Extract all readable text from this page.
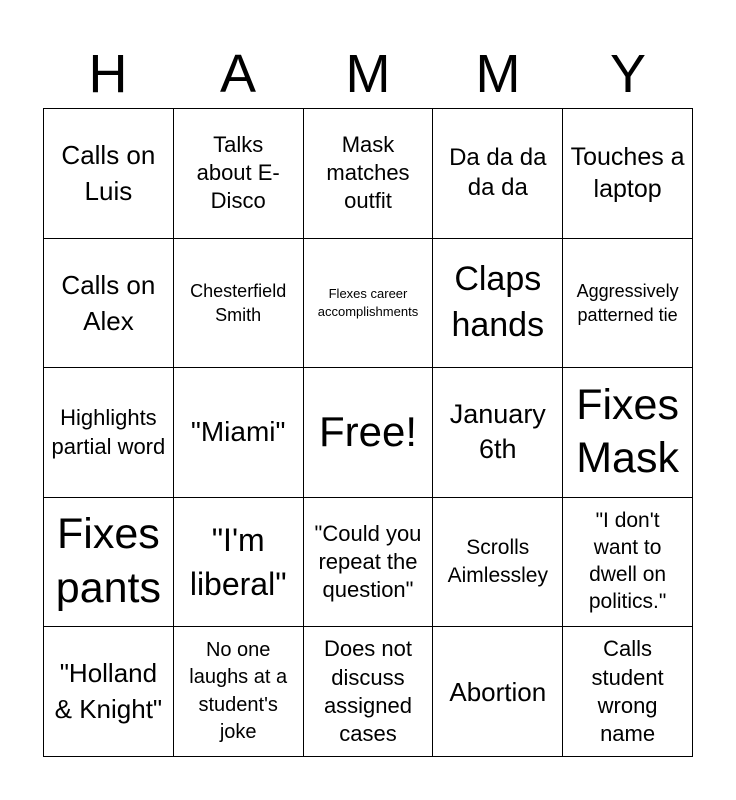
H	A	M	M	Y
Calls on Luis
Talks about E-Disco
Mask matches outfit
Da da da da da
Touches a laptop
Calls on Alex
Chesterfield Smith
Flexes career accomplishments
Claps hands
Aggressively patterned tie
Highlights partial word "Miami" Free!	January 6th
Fixes Mask
Fixes pants
"I'm liberal"
"Could you repeat the question"
Scrolls Aimlessley
"I don't want to dwell on politics."
"Holland & Knight"
No one laughs at a student's joke
Does not discuss assigned cases
Abortion
Calls student wrong name
